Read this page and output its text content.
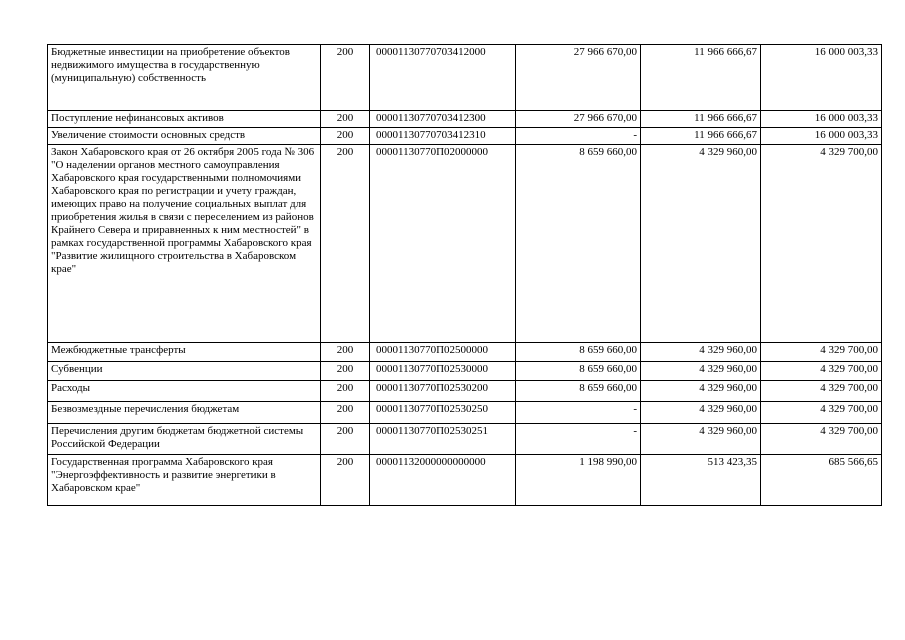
Бюджетные инвестиции на приобретение объектов недвижимого имущества в государственную (муниципальную) собственность	200	00001130770703412000	27 966 670,00	11 966 666,67	16 000 003,33
Поступление нефинансовых активов	200	00001130770703412300	27 966 670,00	11 966 666,67	16 000 003,33
Увеличение стоимости основных средств	200	00001130770703412310	-	11 966 666,67	16 000 003,33
Закон Хабаровского края от 26 октября 2005 года № 306 "О наделении органов местного самоуправления Хабаровского края государственными полномочиями Хабаровского края по регистрации и учету граждан, имеющих право на получение социальных выплат для приобретения жилья в связи с переселением из районов Крайнего Севера и приравненных к ним местностей" в рамках государственной программы Хабаровского края "Развитие жилищного строительства в Хабаровском крае"	200	00001130770П02000000	8 659 660,00	4 329 960,00	4 329 700,00
Межбюджетные трансферты	200	00001130770П02500000	8 659 660,00	4 329 960,00	4 329 700,00
Субвенции	200	00001130770П02530000	8 659 660,00	4 329 960,00	4 329 700,00
Расходы	200	00001130770П02530200	8 659 660,00	4 329 960,00	4 329 700,00
Безвозмездные перечисления бюджетам	200	00001130770П02530250	-	4 329 960,00	4 329 700,00
Перечисления другим бюджетам бюджетной системы Российской Федерации	200	00001130770П02530251	-	4 329 960,00	4 329 700,00
Государственная программа Хабаровского края "Энергоэффективность и развитие энергетики в Хабаровском крае"	200	00001132000000000000	1 198 990,00	513 423,35	685 566,65
